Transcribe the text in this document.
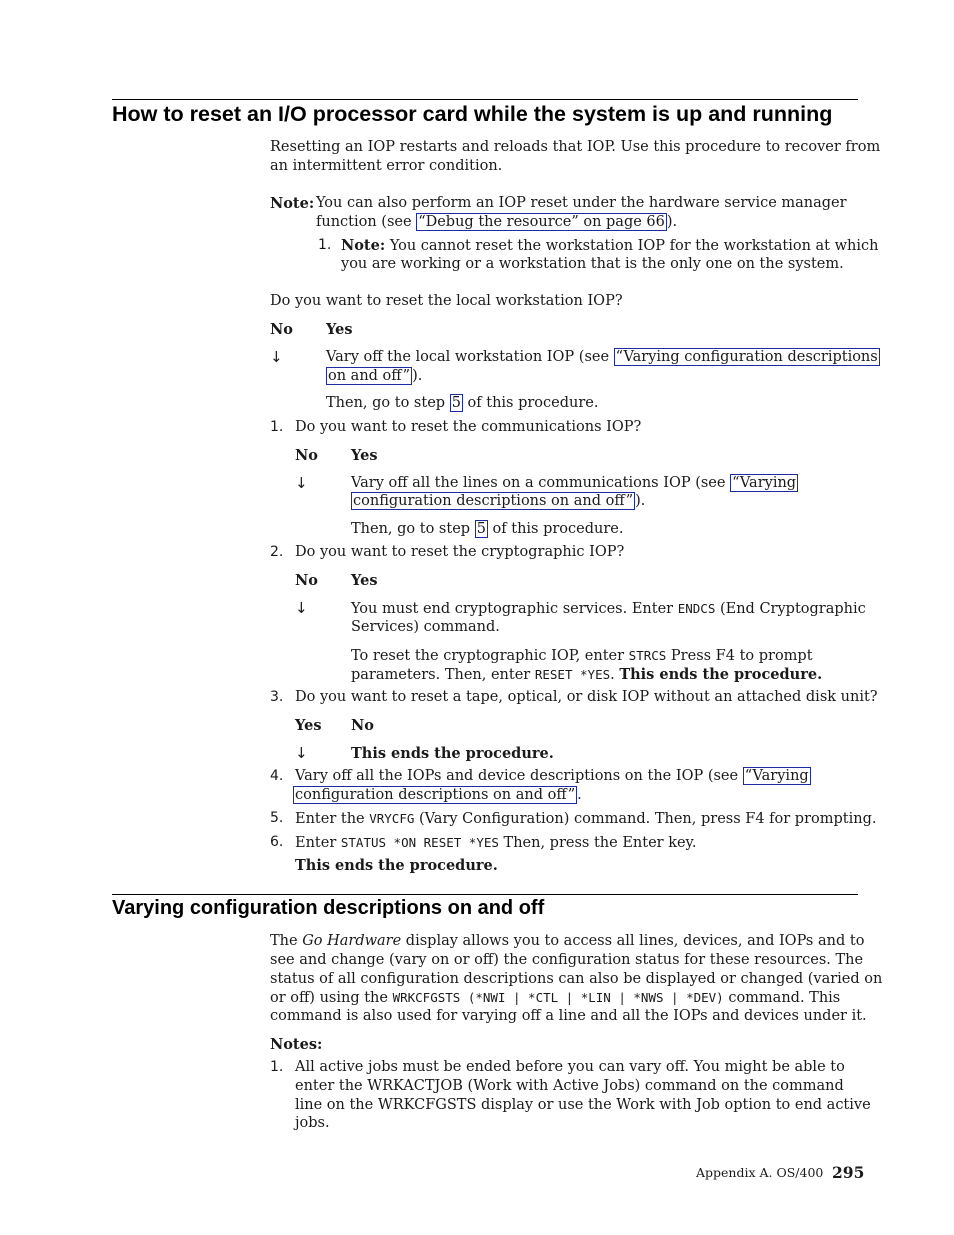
How to reset an I/O processor card while the system is up and running
Resetting an IOP restarts and reloads that IOP. Use this procedure to recover from
an intermittent error condition.
Note: You can also perform an IOP reset under the hardware service manager
function (see “Debug the resource” on page 66 ).
1. Note: You cannot reset the workstation IOP for the workstation at which
you are working or a workstation that is the only one on the system.
Do you want to reset the local workstation IOP?
No Yes
↓	Vary off the local workstation IOP (see “Varying configuration descriptions
on and off” ).
Then, go to step 5 of this procedure.
1. Do you want to reset the communications IOP?
No Yes
↓	Vary off all the lines on a communications IOP (see “Varying
configuration descriptions on and off” ).
Then, go to step 5 of this procedure.
2. Do you want to reset the cryptographic IOP?
No Yes
↓	You must end cryptographic services. Enter ENDCS (End Cryptographic
Services) command.
To reset the cryptographic IOP, enter STRCS Press F4 to prompt
parameters. Then, enter RESET *YES. This ends the procedure.
3. Do you want to reset a tape, optical, or disk IOP without an attached disk unit?
Yes No
↓	This ends the procedure.
4. Vary off all the IOPs and device descriptions on the IOP (see “Varying
configuration descriptions on and off” .
5. Enter the VRYCFG (Vary Configuration) command. Then, press F4 for prompting.
6. Enter STATUS *ON RESET *YES Then, press the Enter key.
This ends the procedure.
Varying configuration descriptions on and off
The Go Hardware display allows you to access all lines, devices, and IOPs and to
see and change (vary on or off) the configuration status for these resources. The
status of all configuration descriptions can also be displayed or changed (varied on
or off) using the WRKCFGSTS (*NWI | *CTL | *LIN | *NWS | *DEV) command. This
command is also used for varying off a line and all the IOPs and devices under it.
Notes:
1. All active jobs must be ended before you can vary off. You might be able to
enter the WRKACTJOB (Work with Active Jobs) command on the command
line on the WRKCFGSTS display or use the Work with Job option to end active
jobs.
Appendix A. OS/400 295
